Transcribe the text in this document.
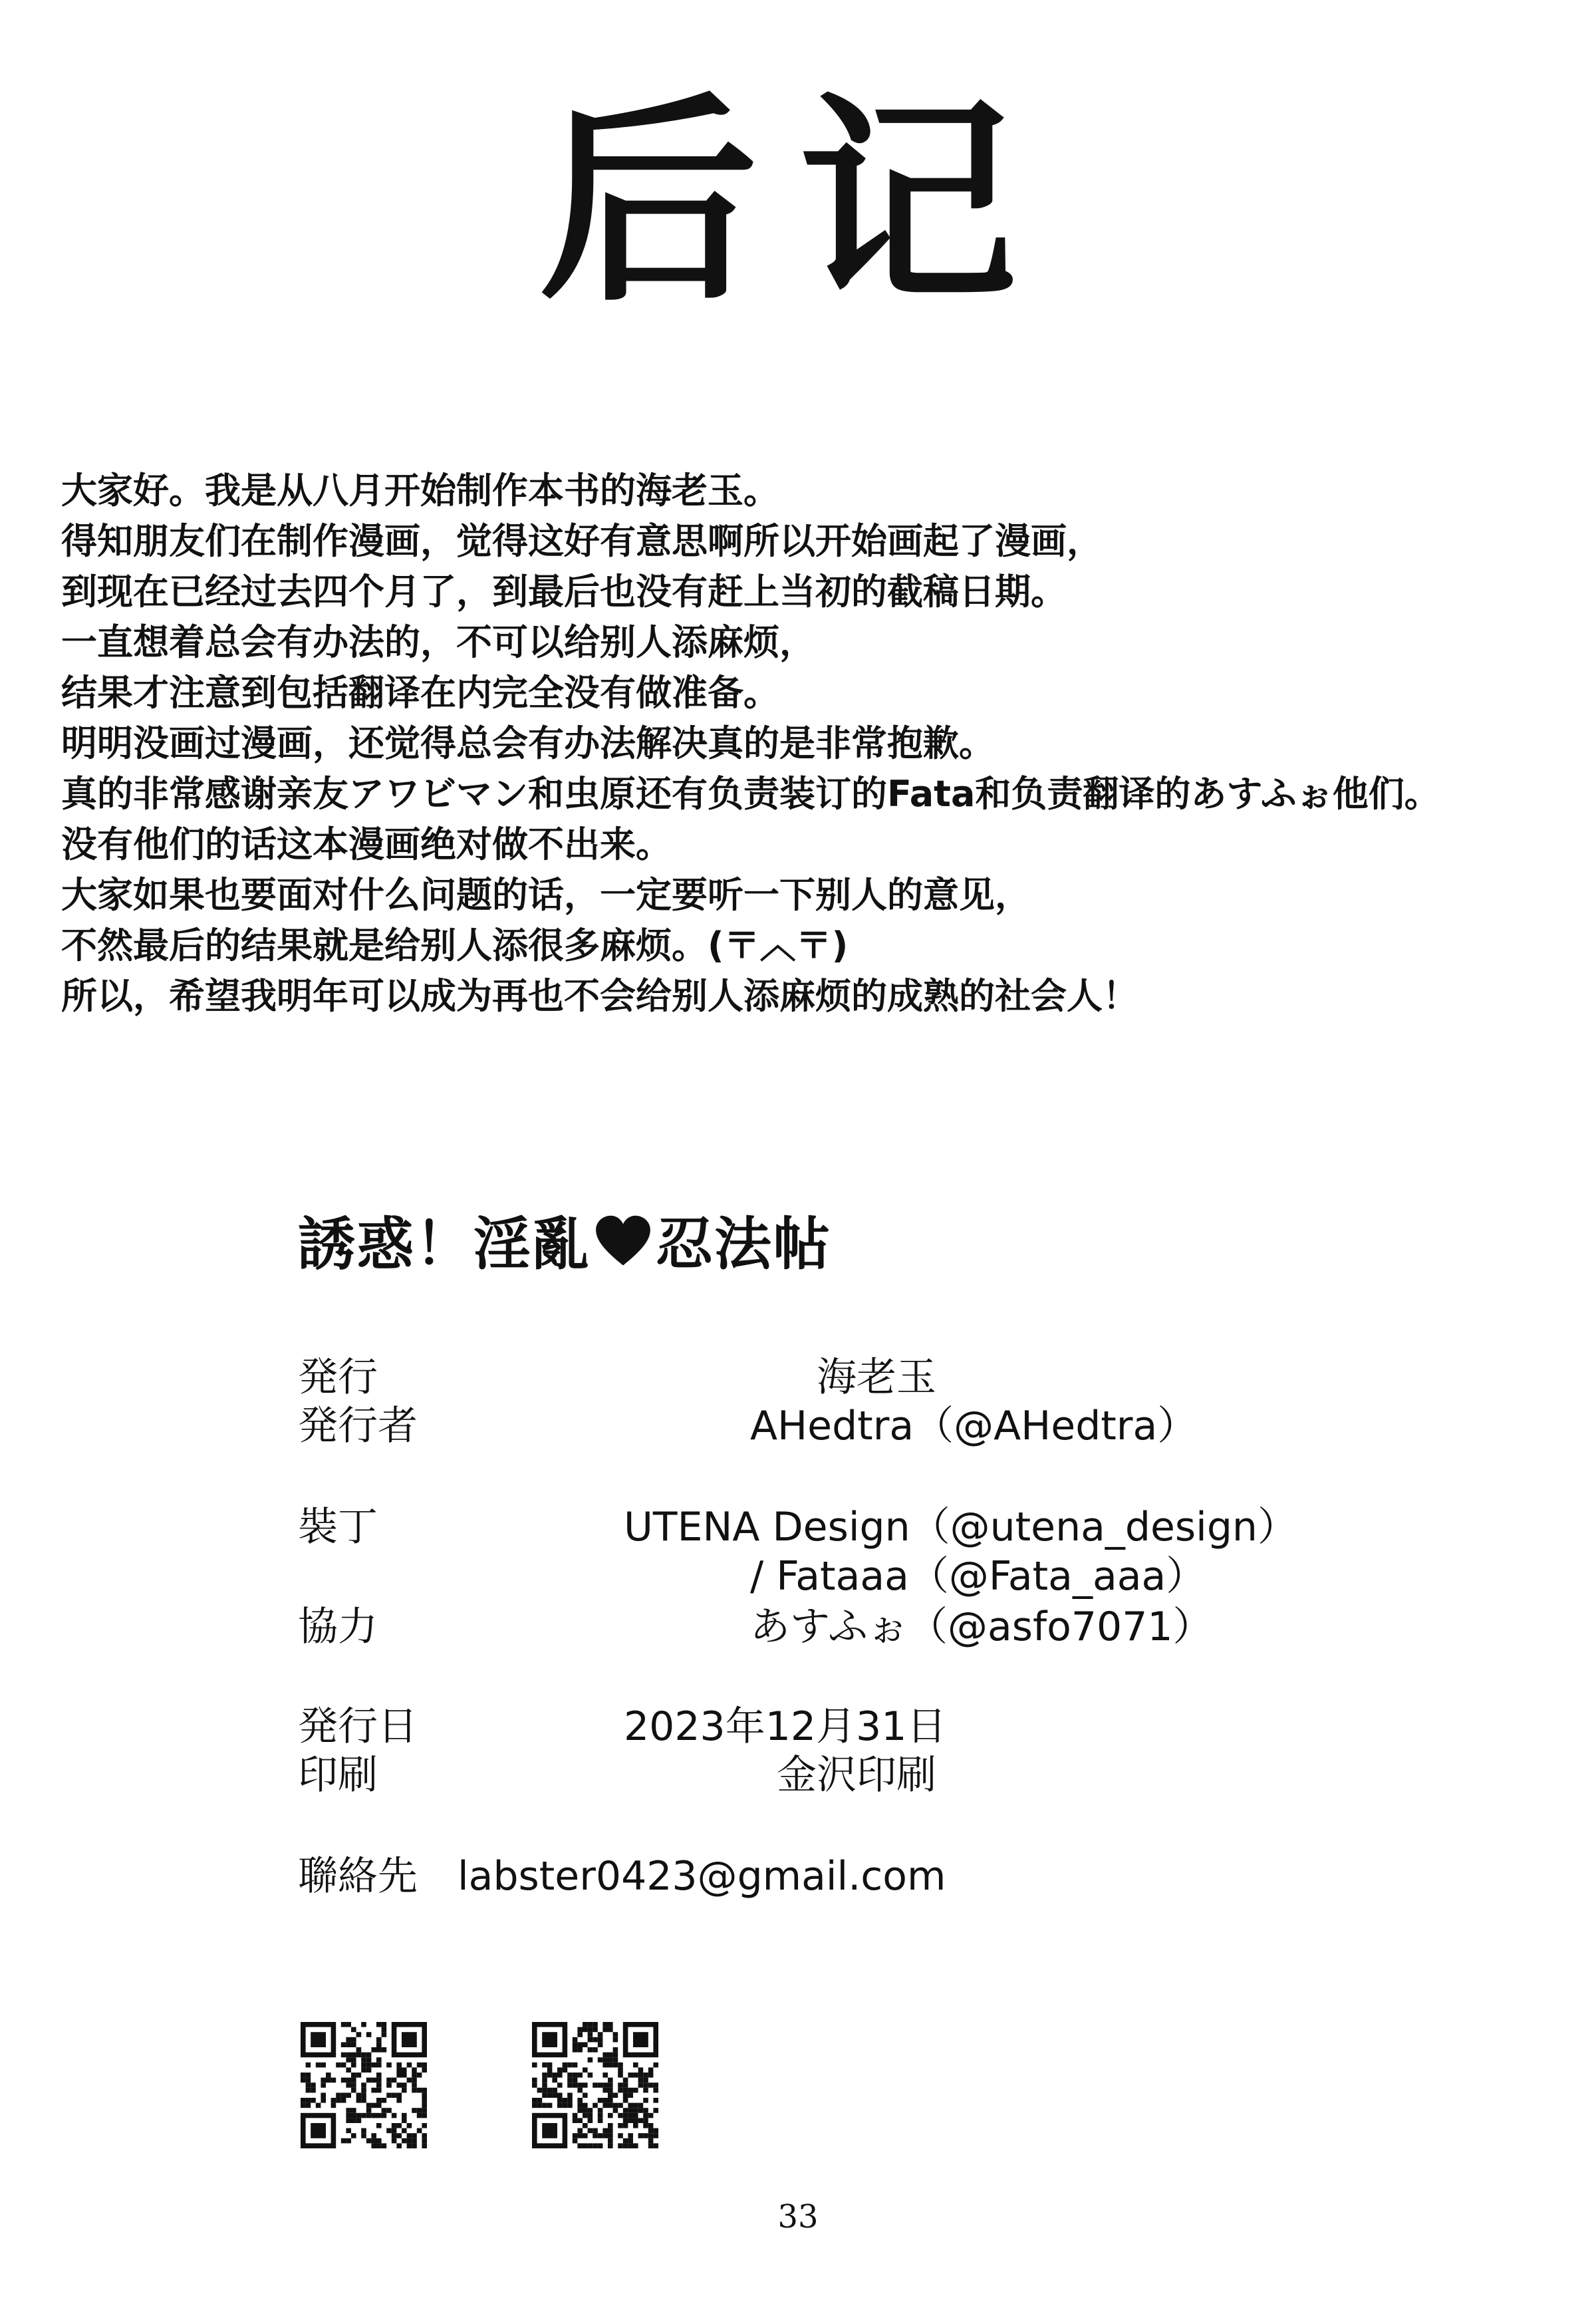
后记
大家好。我是从八月开始制作本书的海老玉。
得知朋友们在制作漫画，觉得这好有意思啊所以开始画起了漫画，
到现在已经过去四个月了，到最后也没有赶上当初的截稿日期。
一直想着总会有办法的，不可以给别人添麻烦，
结果才注意到包括翻译在内完全没有做准备。
明明没画过漫画，还觉得总会有办法解决真的是非常抱歉。
真的非常感谢亲友アワビマン和虫原还有负责装订的Fata和负责翻译的あすふぉ他们。
没有他们的话这本漫画绝对做不出来。
大家如果也要面对什么问题的话，一定要听一下别人的意见，
不然最后的结果就是给别人添很多麻烦。(〒︿〒)
所以，希望我明年可以成为再也不会给别人添麻烦的成熟的社会人！
誘惑！淫亂 忍法帖
発行	海老玉
発行者	AHedtra（@AHedtra）
裝丁	UTENA Design（@utena_design）
/ Fataaa（@Fata_aaa）
協力	あすふぉ（@asfo7071）
発行日	2023年12月31日
印刷	金沢印刷
聯絡先 labster0423@gmail.com
33
